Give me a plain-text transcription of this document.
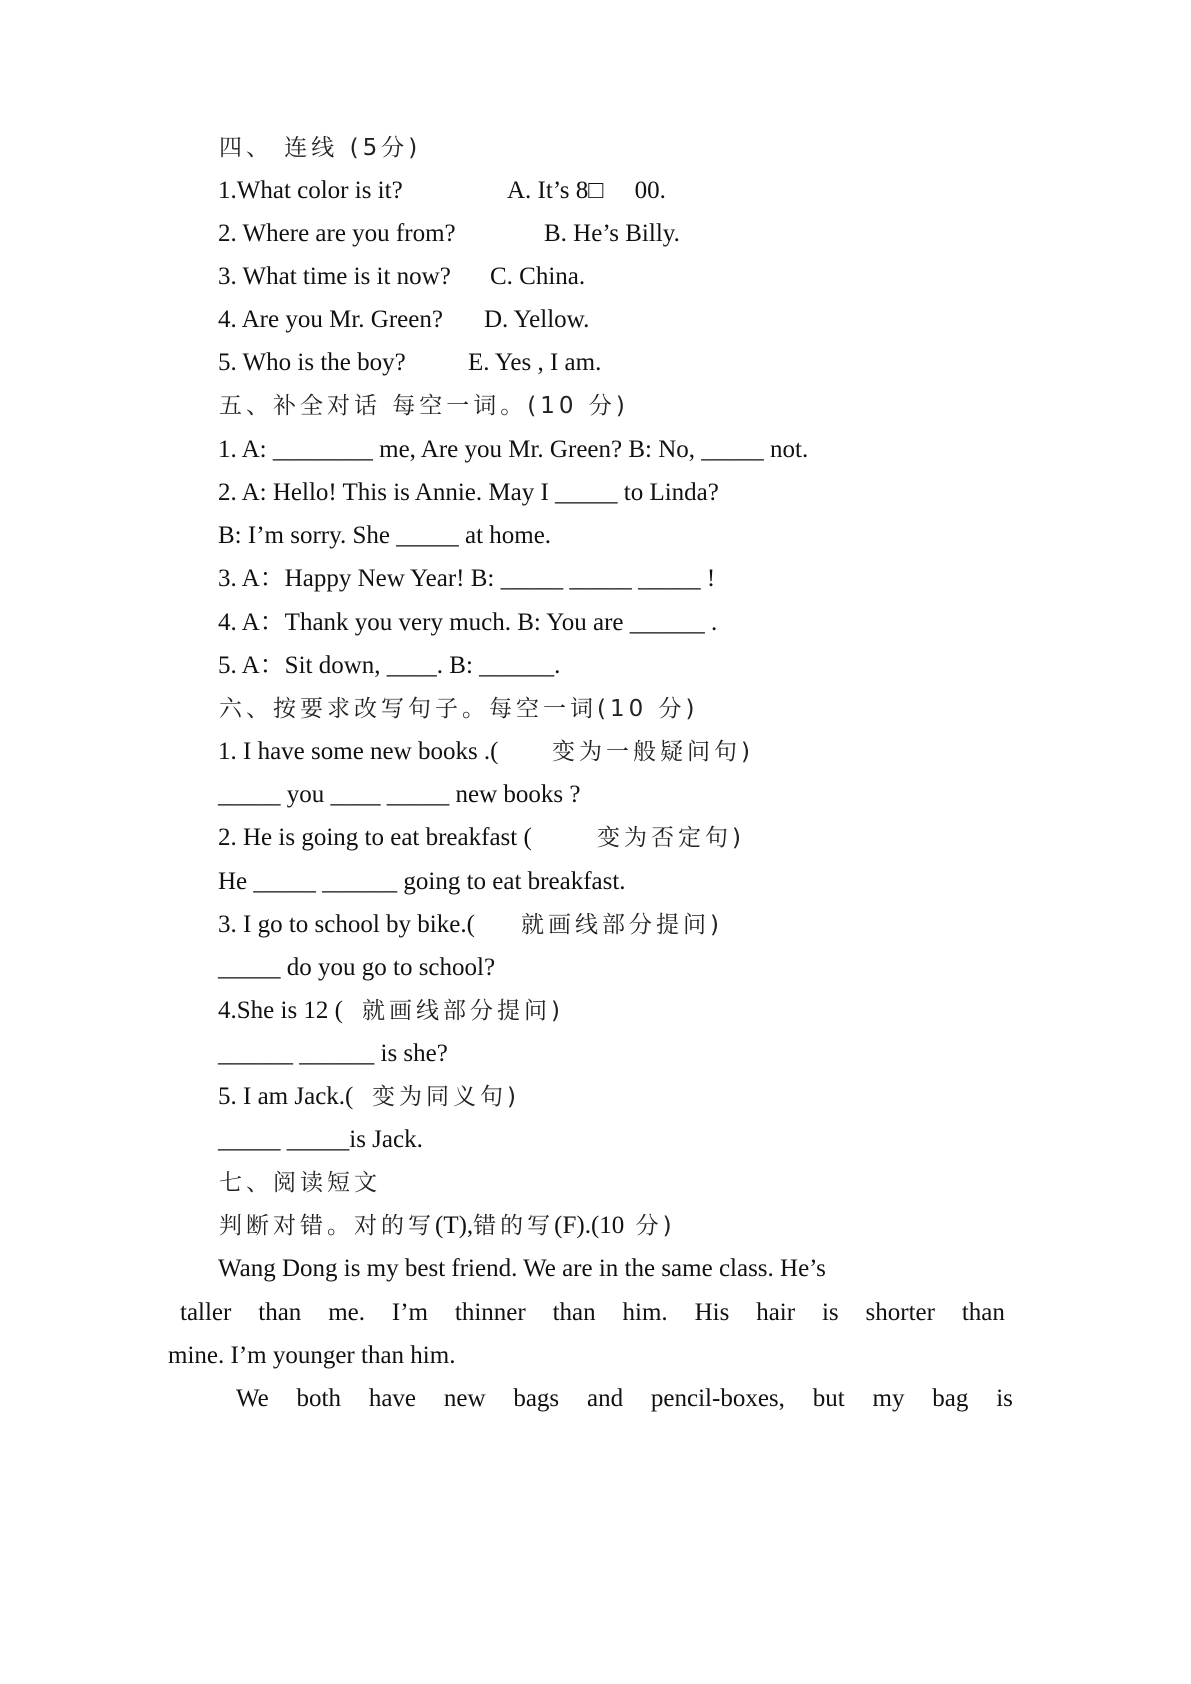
四、 连线 (5分)
1.What color is it?	A. It’s 8□     00.
2. Where are you from?	B. He’s Billy.
3. What time is it now? C. China.
4. Are you Mr. Green? D. Yellow.
5. Who is the boy? E. Yes , I am.
五、补全对话 每空一词。(10 分)
1. A: ________ me, Are you Mr. Green? B: No, _____ not.
2. A: Hello! This is Annie. May I _____ to Linda?
B: I’m sorry. She _____ at home.
3. A：Happy New Year! B: _____ _____ _____ !
4. A：Thank you very much. B: You are ______ .
5. A：Sit down, ____. B: ______.
六、按要求改写句子。每空一词(10 分)
1. I have some new books .( 变为一般疑问句)
_____ you ____ _____ new books ?
2. He is going to eat breakfast (	变为否定句)
He _____ ______ going to eat breakfast.
3. I go to school by bike.( 就画线部分提问)
_____ do you go to school?
4.She is 12 ( 就画线部分提问)
______ ______ is she?
5. I am Jack.( 变为同义句)
_____ _____is Jack.
七、阅读短文
判断对错。对的写(T),错的写(F).(10 分)
Wang Dong is my best friend. We are in the same class. He’s
taller than me. I’m thinner than him. His hair is shorter than
mine. I’m younger than him.
We both have new bags and pencil-boxes, but my bag is
